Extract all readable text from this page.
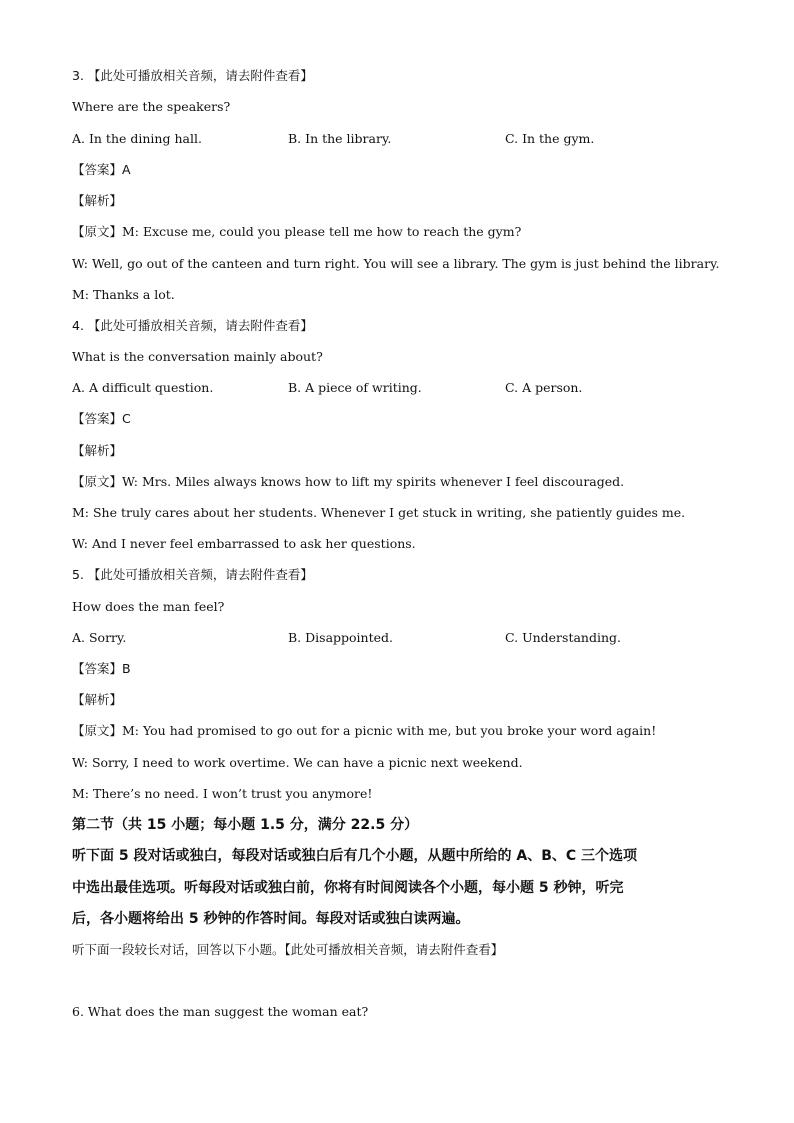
3. 【此处可播放相关音频，请去附件查看】
Where are the speakers?
A. In the dining hall.	B. In the library.	C. In the gym.
【答案】A
【解析】
【原文】M: Excuse me, could you please tell me how to reach the gym?
W: Well, go out of the canteen and turn right. You will see a library. The gym is just behind the library.
M: Thanks a lot.
4. 【此处可播放相关音频，请去附件查看】
What is the conversation mainly about?
A. A difficult question.	B. A piece of writing.	C. A person.
【答案】C
【解析】
【原文】W: Mrs. Miles always knows how to lift my spirits whenever I feel discouraged.
M: She truly cares about her students. Whenever I get stuck in writing, she patiently guides me.
W: And I never feel embarrassed to ask her questions.
5. 【此处可播放相关音频，请去附件查看】
How does the man feel?
A. Sorry.	B. Disappointed.	C. Understanding.
【答案】B
【解析】
【原文】M: You had promised to go out for a picnic with me, but you broke your word again!
W: Sorry, I need to work overtime. We can have a picnic next weekend.
M: There’s no need. I won’t trust you anymore!
第二节（共 15 小题；每小题 1.5 分，满分 22.5 分）
听下面 5 段对话或独白，每段对话或独白后有几个小题，从题中所给的 A、B、C 三个选项
中选出最佳选项。听每段对话或独白前，你将有时间阅读各个小题，每小题 5 秒钟，听完
后，各小题将给出 5 秒钟的作答时间。每段对话或独白读两遍。
听下面一段较长对话，回答以下小题。【此处可播放相关音频，请去附件查看】
6. What does the man suggest the woman eat?
